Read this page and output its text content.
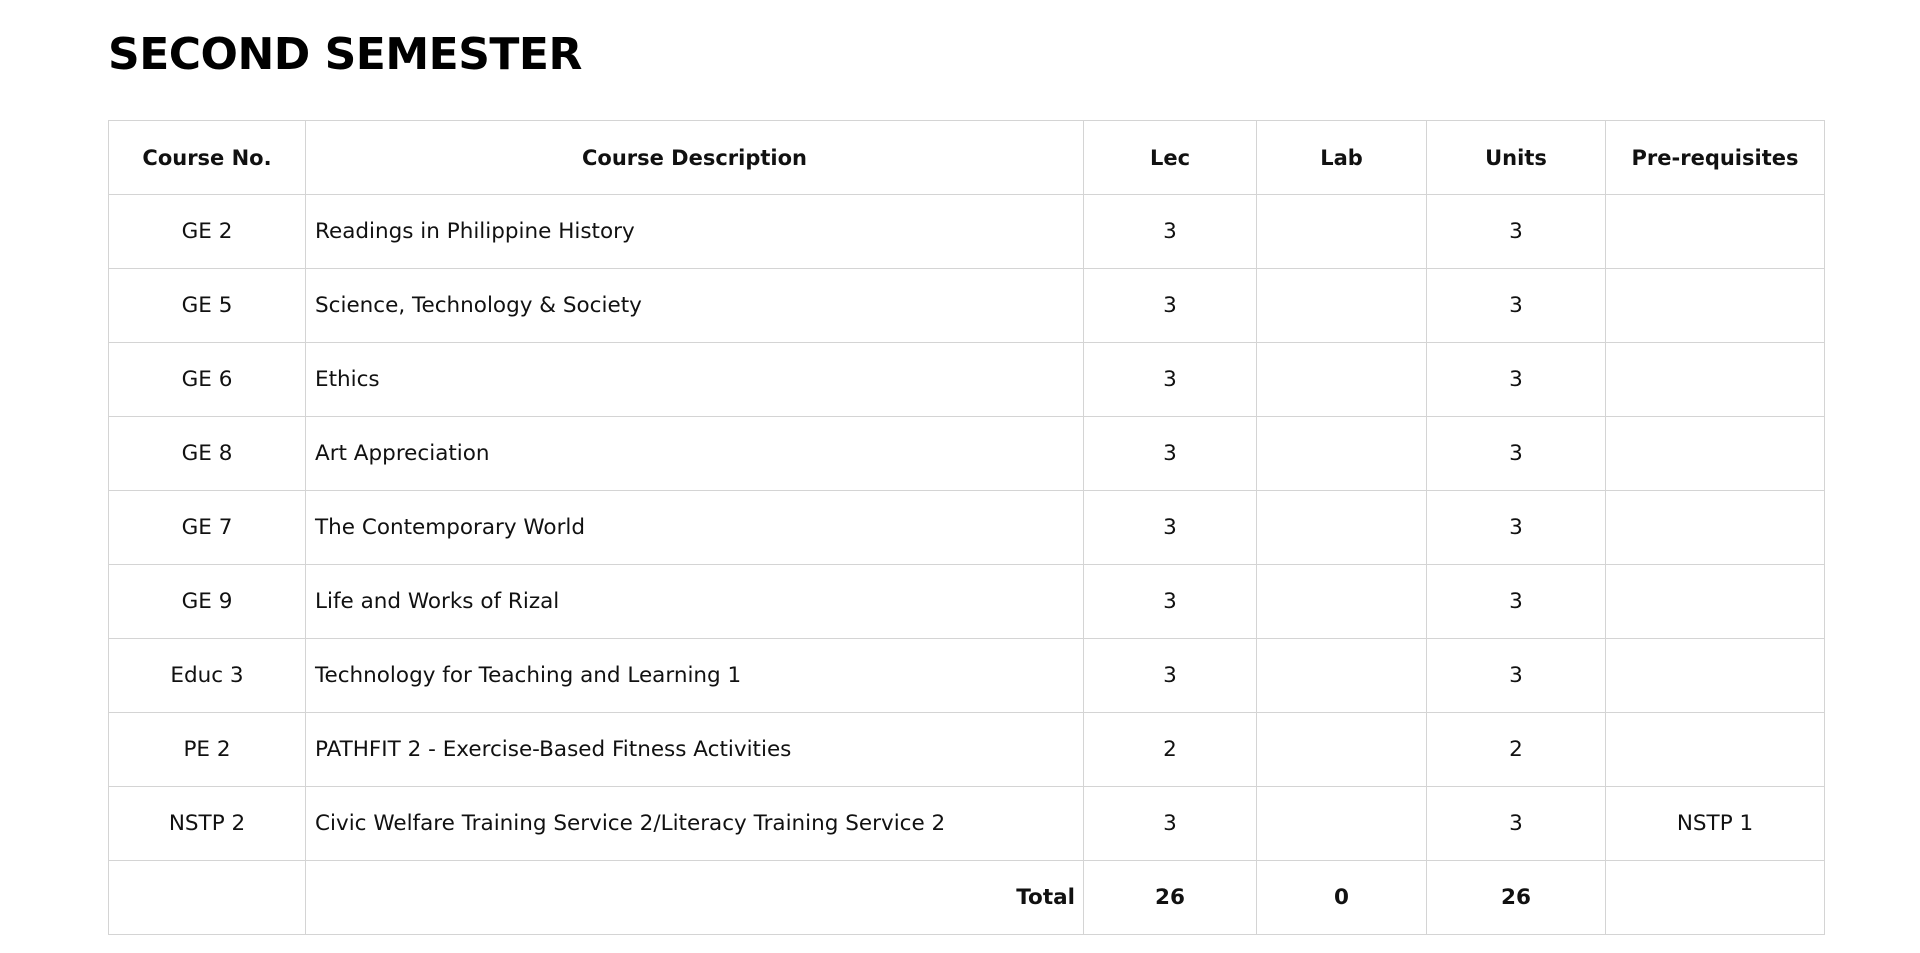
SECOND SEMESTER
Course No.	Course Description	Lec	Lab	Units	Pre-requisites
GE 2	Readings in Philippine History	3		3	
GE 5	Science, Technology & Society	3		3	
GE 6	Ethics	3		3	
GE 8	Art Appreciation	3		3	
GE 7	The Contemporary World	3		3	
GE 9	Life and Works of Rizal	3		3	
Educ 3	Technology for Teaching and Learning 1	3		3	
PE 2	PATHFIT 2 - Exercise-Based Fitness Activities	2		2	
NSTP 2	Civic Welfare Training Service 2/Literacy Training Service 2	3		3	NSTP 1
	Total	26	0	26	
